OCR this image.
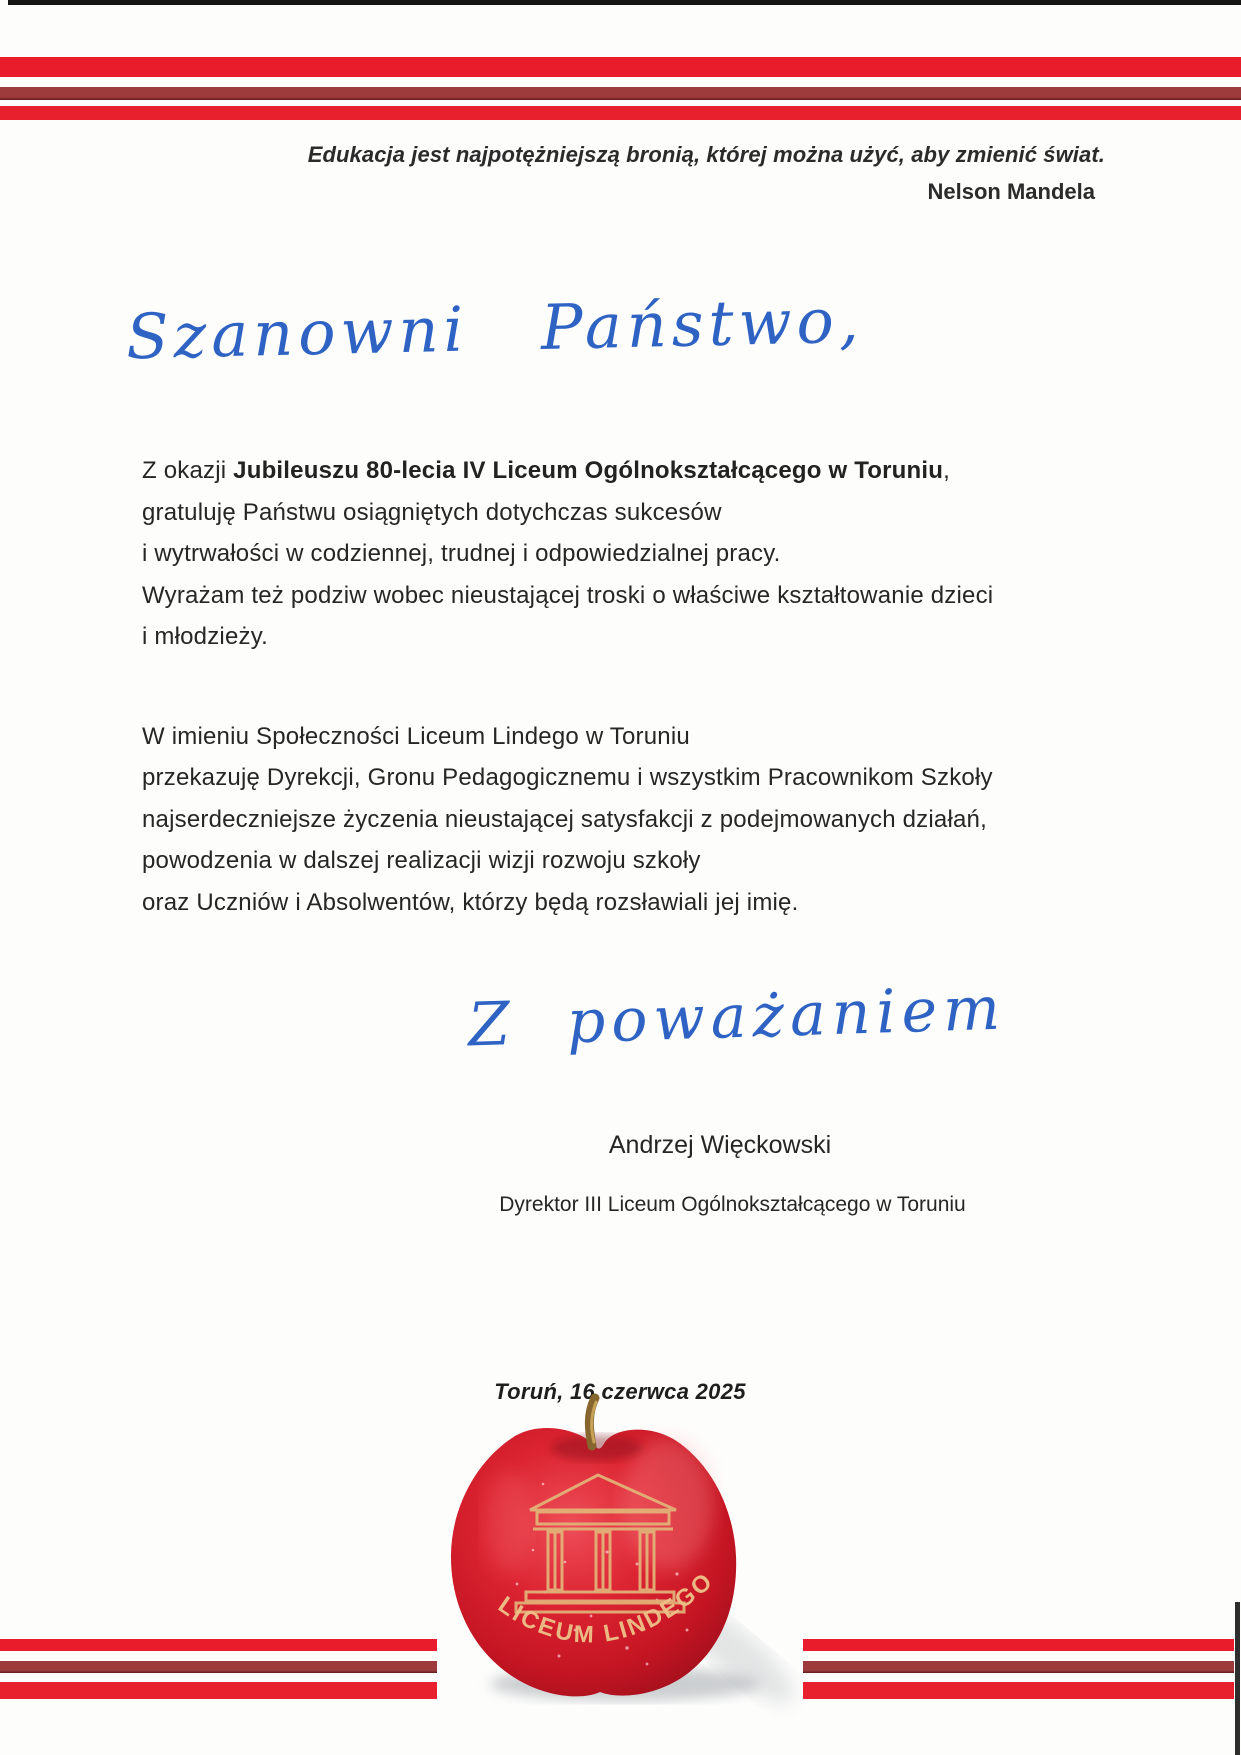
Edukacja jest najpotężniejszą bronią, której można użyć, aby zmienić świat.
Nelson Mandela
Szanowni Państwo,
Z okazji Jubileuszu 80-lecia IV Liceum Ogólnokształcącego w Toruniu,
gratuluję Państwu osiągniętych dotychczas sukcesów
i wytrwałości w codziennej, trudnej i odpowiedzialnej pracy.
Wyrażam też podziw wobec nieustającej troski o właściwe kształtowanie dzieci
i młodzieży.
W imieniu Społeczności Liceum Lindego w Toruniu
przekazuję Dyrekcji, Gronu Pedagogicznemu i wszystkim Pracownikom Szkoły
najserdeczniejsze życzenia nieustającej satysfakcji z podejmowanych działań,
powodzenia w dalszej realizacji wizji rozwoju szkoły
oraz Uczniów i Absolwentów, którzy będą rozsławiali jej imię.
Z poważaniem
Andrzej Więckowski
Dyrektor III Liceum Ogólnokształcącego w Toruniu
Toruń, 16 czerwca 2025
LICEUM LINDEGO
